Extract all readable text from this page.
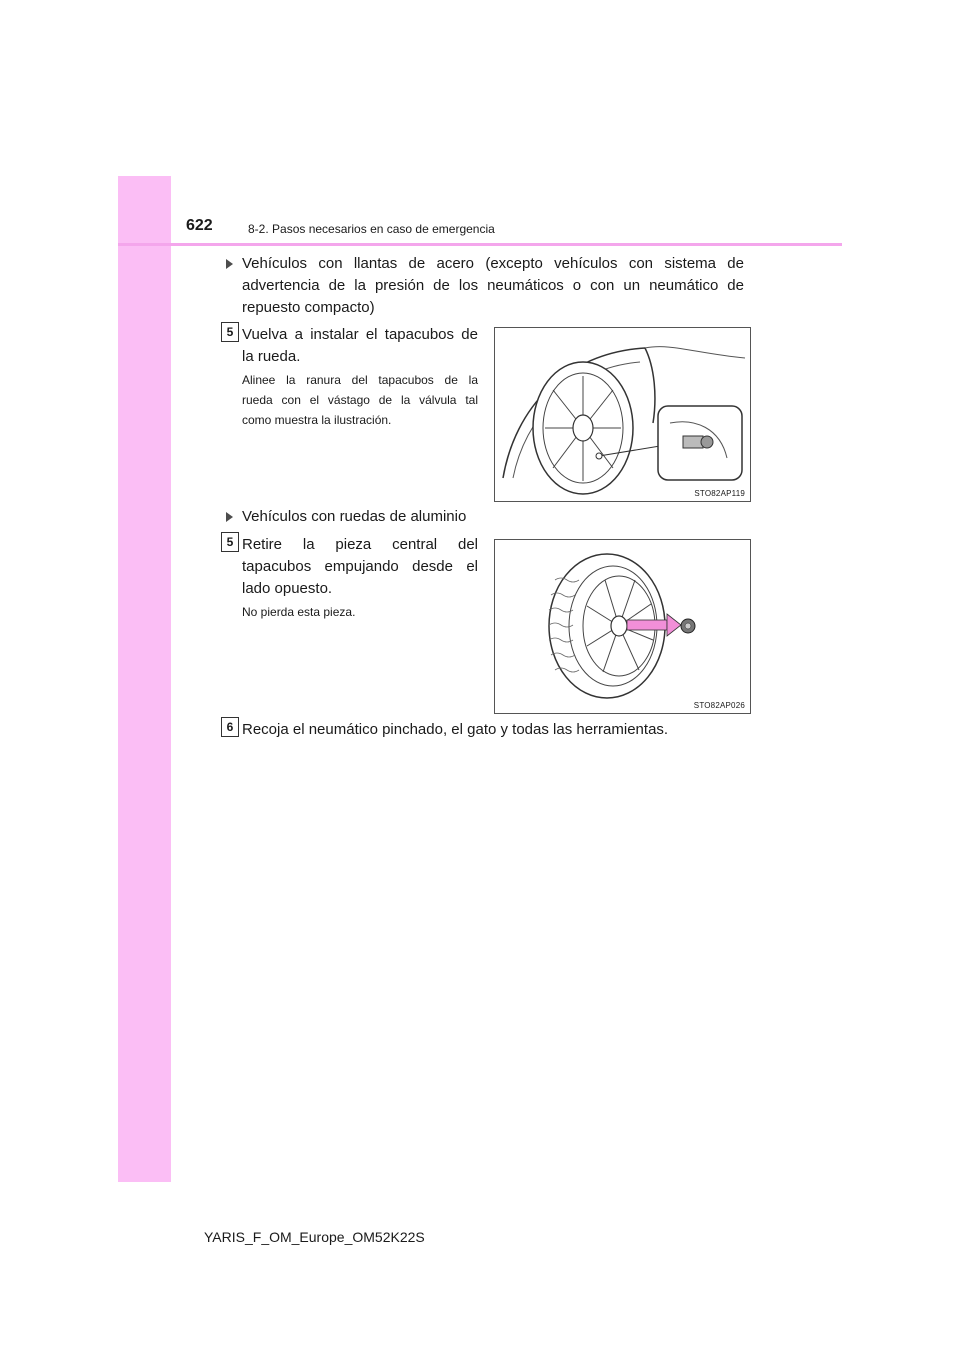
622	8-2. Pasos necesarios en caso de emergencia
Vehículos con llantas de acero (excepto vehículos con sistema de
advertencia de la presión de los neumáticos o con un neumático de
repuesto compacto)
5 Vuelva a instalar el tapacubos de
la rueda.
Alinee la ranura del tapacubos de la
rueda con el vástago de la válvula tal
como muestra la ilustración.
STO82AP119
Vehículos con ruedas de aluminio
5 Retire la pieza central del
tapacubos empujando desde el
lado opuesto.
No pierda esta pieza.
STO82AP026
6 Recoja el neumático pinchado, el gato y todas las herramientas.
YARIS_F_OM_Europe_OM52K22S
